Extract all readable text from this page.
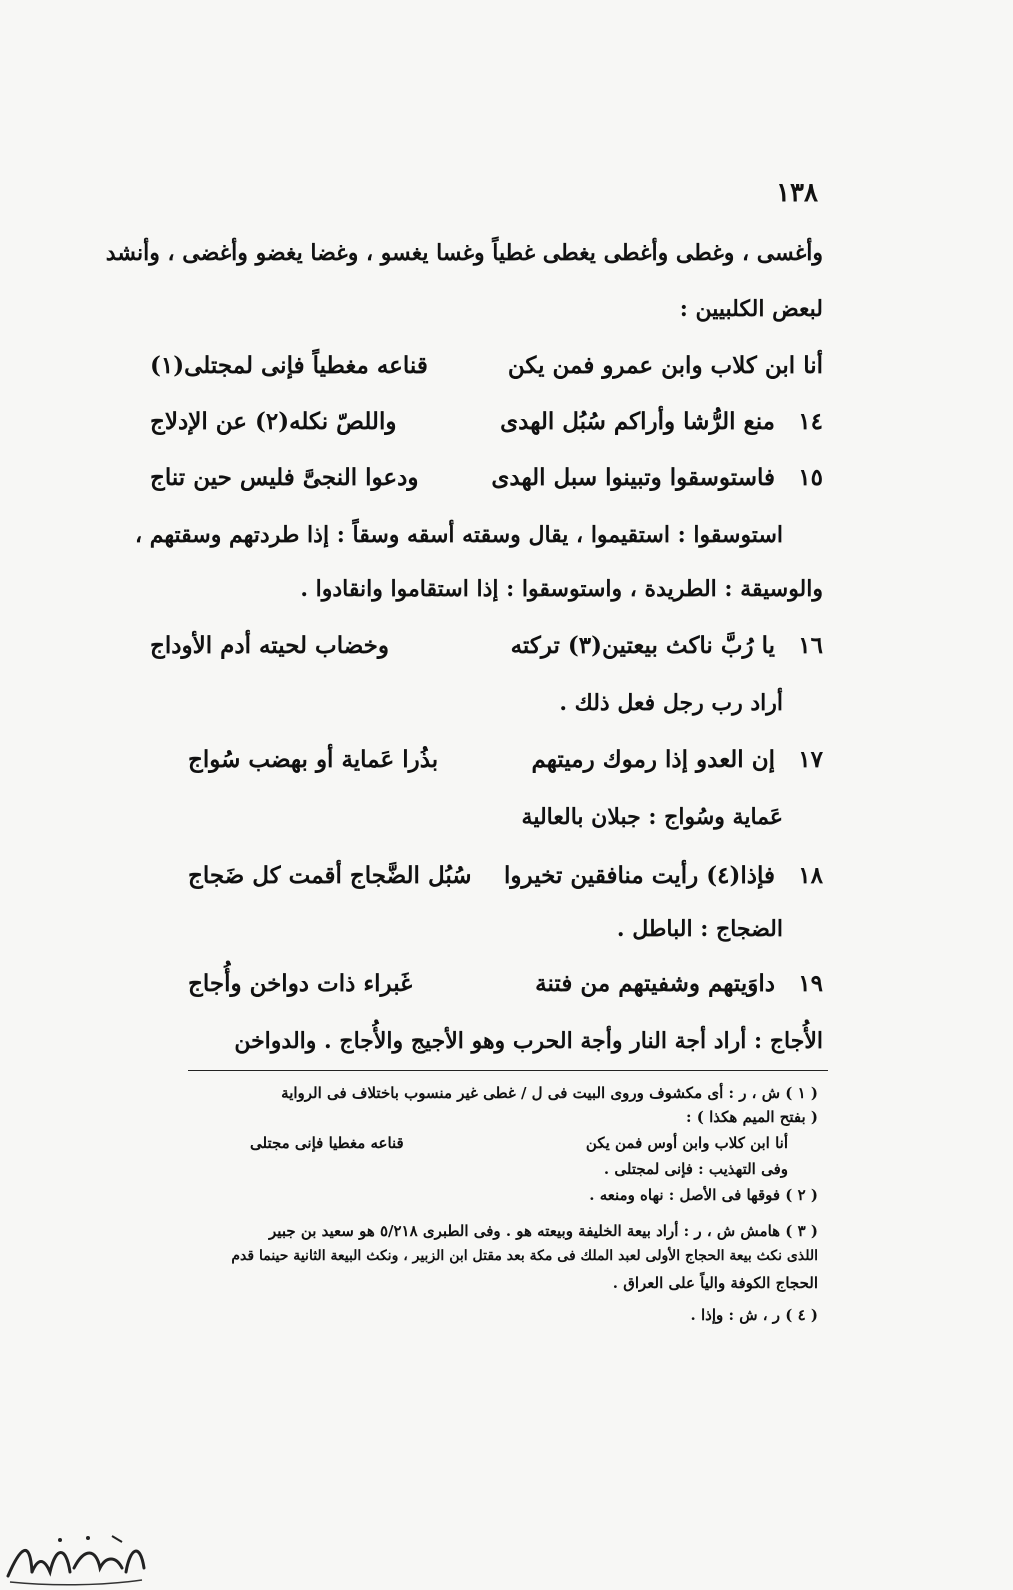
١٣٨
وأغسى ، وغطى وأغطى يغطى غطياً وغسا يغسو ، وغضا يغضو وأغضى ، وأنشد
لبعض الكلبيين :
أنا ابن كلاب وابن عمرو فمن يكن
قناعه مغطياً فإنى لمجتلى(١)
١٤
منع الرُّشا وأراكم سُبُل الهدى
واللصّ نكله(٢) عن الإدلاج
١٥
فاستوسقوا وتبينوا سبل الهدى
ودعوا النجىَّ فليس حين تناج
استوسقوا : استقيموا ، يقال وسقته أسقه وسقاً : إذا طردتهم وسقتهم ،
والوسيقة : الطريدة ، واستوسقوا : إذا استقاموا وانقادوا .
١٦
يا رُبَّ ناكث بيعتين(٣) تركته
وخضاب لحيته أدم الأوداج
أراد رب رجل فعل ذلك .
١٧
إن العدو إذا رموك رميتهم
بذُرا عَماية أو بهضب سُواج
عَماية وسُواج : جبلان بالعالية
١٨
فإذا(٤) رأيت منافقين تخيروا
سُبُل الضَّجاج أقمت كل ضَجاج
الضجاج : الباطل .
١٩
داوَيتهم وشفيتهم من فتنة
غَبراء ذات دواخن وأُجاج
الأُجاج : أراد أجة النار وأجة الحرب وهو الأجيج والأُجاج . والدواخن
( ١ ) ش ، ر : أى مكشوف وروى البيت فى ل / غطى غير منسوب باختلاف فى الرواية
( بفتح الميم هكذا ) :
أنا ابن كلاب وابن أوس فمن يكن
قناعه مغطيا فإنى مجتلى
وفى التهذيب : فإنى لمجتلى .
( ٢ ) فوقها فى الأصل : نهاه ومنعه .
( ٣ ) هامش ش ، ر : أراد بيعة الخليفة وبيعته هو . وفى الطبرى ٥/٢١٨ هو سعيد بن جبير
اللذى نكث بيعة الحجاج الأولى لعبد الملك فى مكة بعد مقتل ابن الزبير ، ونكث البيعة الثانية حينما قدم
الحجاج الكوفة والياً على العراق .
( ٤ ) ر ، ش : وإذا .
